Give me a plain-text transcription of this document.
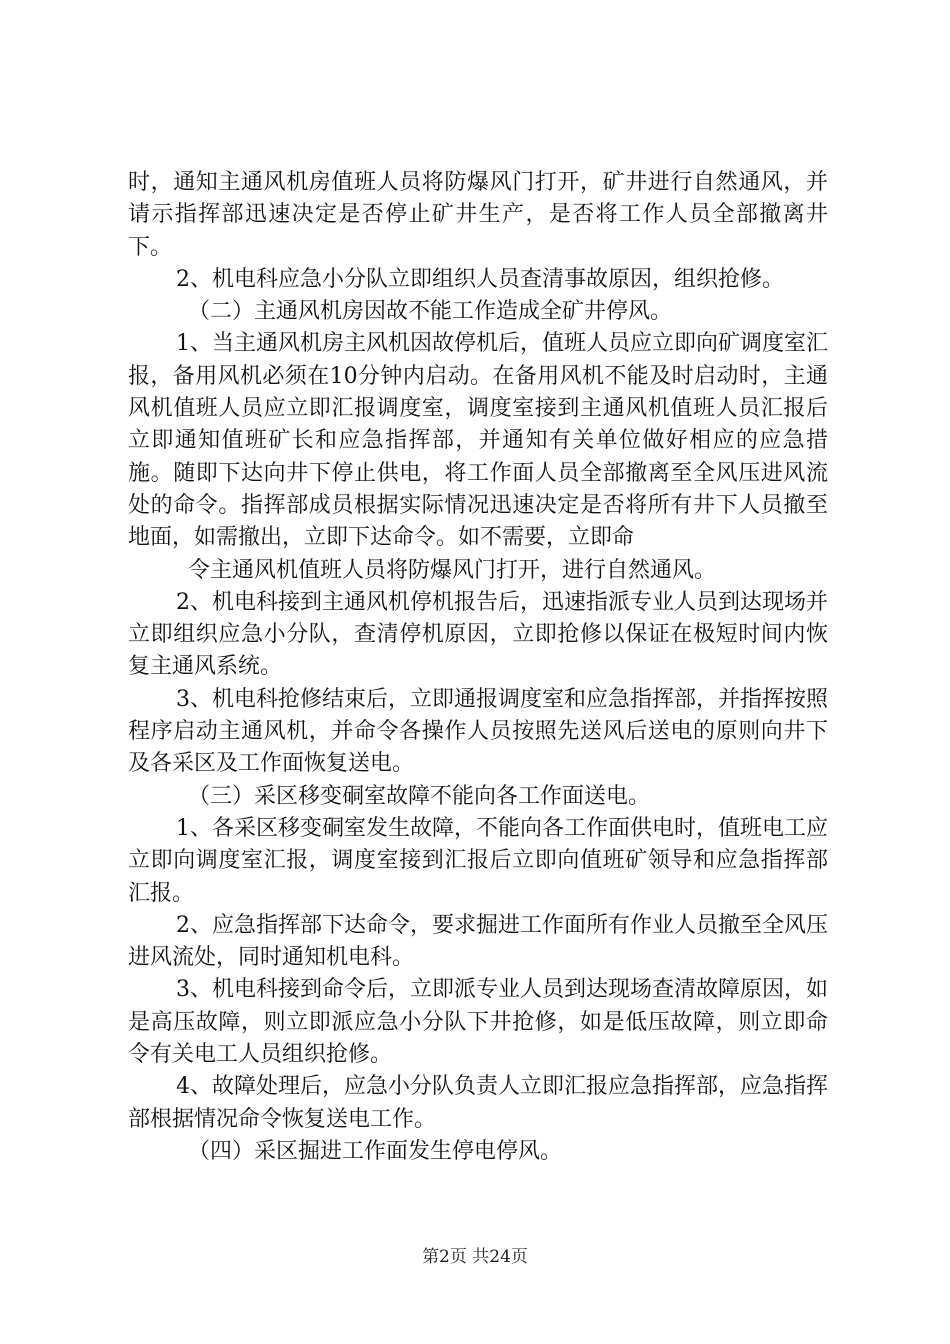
时，通知主通风机房值班人员将防爆风门打开，矿井进行自然通风，并请示指挥部迅速决定是否停止矿井生产，是否将工作人员全部撤离井下。

2、机电科应急小分队立即组织人员查清事故原因，组织抢修。

（二）主通风机房因故不能工作造成全矿井停风。

1、当主通风机房主风机因故停机后，值班人员应立即向矿调度室汇报，备用风机必须在10分钟内启动。在备用风机不能及时启动时，主通风机值班人员应立即汇报调度室，调度室接到主通风机值班人员汇报后立即通知值班矿长和应急指挥部，并通知有关单位做好相应的应急措施。随即下达向井下停止供电，将工作面人员全部撤离至全风压进风流处的命令。指挥部成员根据实际情况迅速决定是否将所有井下人员撤至地面，如需撤出，立即下达命令。如不需要，立即命

令主通风机值班人员将防爆风门打开，进行自然通风。

2、机电科接到主通风机停机报告后，迅速指派专业人员到达现场并立即组织应急小分队，查清停机原因，立即抢修以保证在极短时间内恢复主通风系统。

3、机电科抢修结束后，立即通报调度室和应急指挥部，并指挥按照程序启动主通风机，并命令各操作人员按照先送风后送电的原则向井下及各采区及工作面恢复送电。

（三）采区移变硐室故障不能向各工作面送电。

1、各采区移变硐室发生故障，不能向各工作面供电时，值班电工应立即向调度室汇报，调度室接到汇报后立即向值班矿领导和应急指挥部汇报。

2、应急指挥部下达命令，要求掘进工作面所有作业人员撤至全风压进风流处，同时通知机电科。

3、机电科接到命令后，立即派专业人员到达现场查清故障原因，如是高压故障，则立即派应急小分队下井抢修，如是低压故障，则立即命令有关电工人员组织抢修。

4、故障处理后，应急小分队负责人立即汇报应急指挥部，应急指挥部根据情况命令恢复送电工作。

（四）采区掘进工作面发生停电停风。

第2页 共24页
